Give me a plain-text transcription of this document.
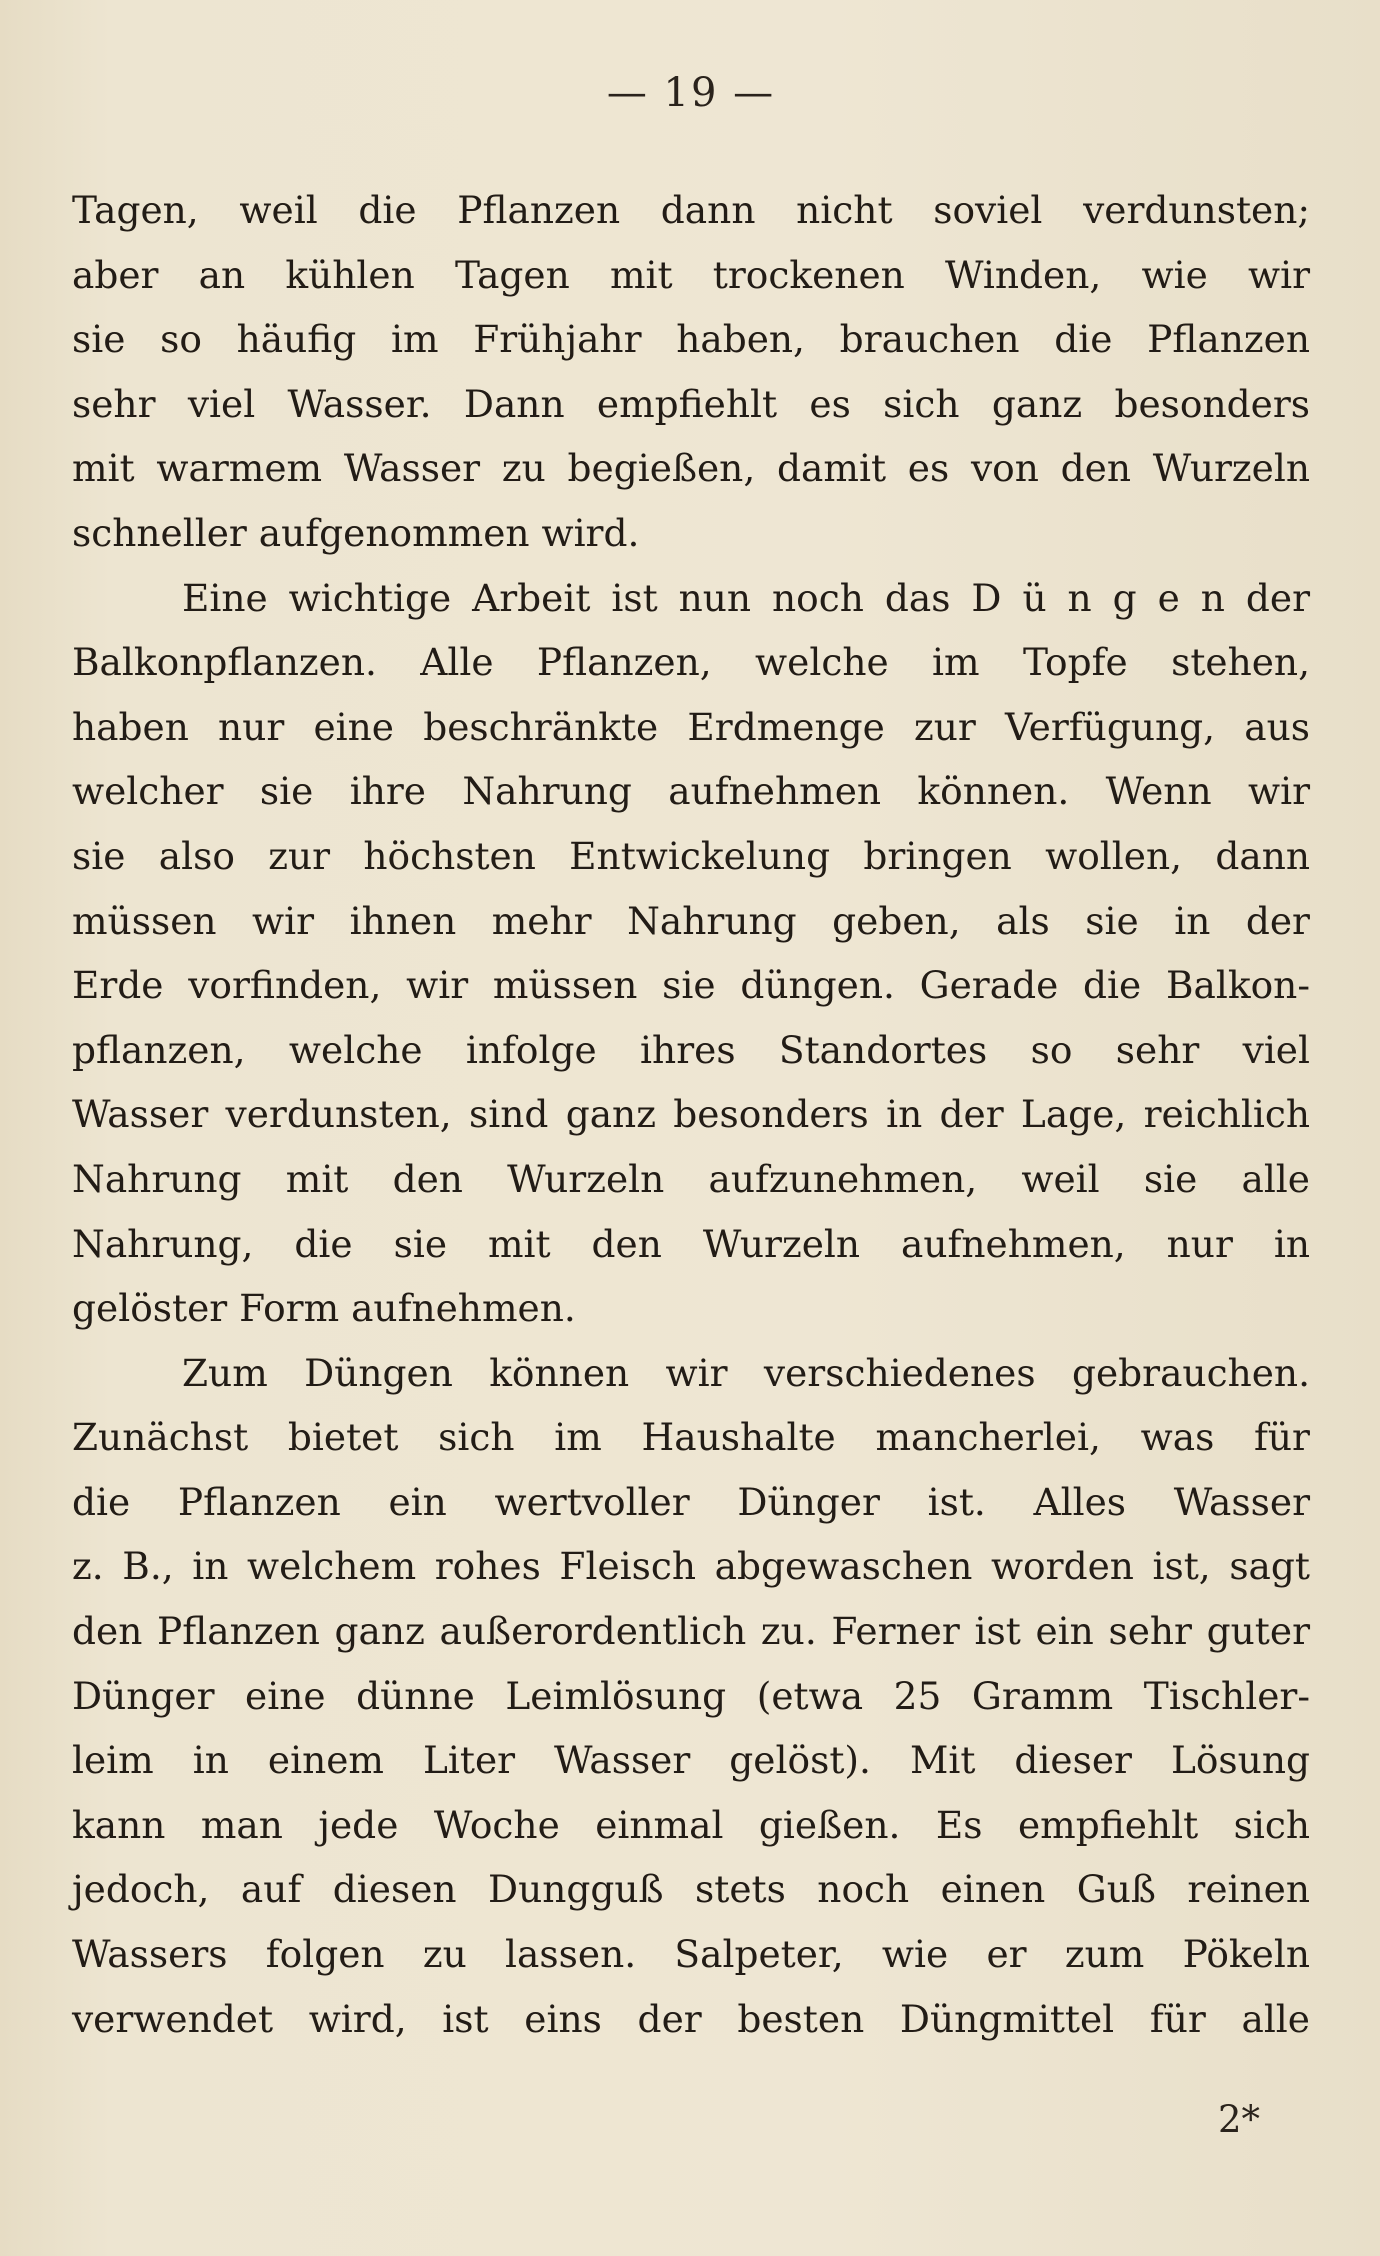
— 19 —

Tagen, weil die Pflanzen dann nicht soviel verdunsten;
aber an kühlen Tagen mit trockenen Winden, wie wir
sie so häufig im Frühjahr haben, brauchen die Pflanzen
sehr viel Wasser. Dann empfiehlt es sich ganz besonders
mit warmem Wasser zu begießen, damit es von den Wurzeln
schneller aufgenommen wird.

Eine wichtige Arbeit ist nun noch das D ü n g e n der
Balkonpflanzen. Alle Pflanzen, welche im Topfe stehen,
haben nur eine beschränkte Erdmenge zur Verfügung, aus
welcher sie ihre Nahrung aufnehmen können. Wenn wir
sie also zur höchsten Entwickelung bringen wollen, dann
müssen wir ihnen mehr Nahrung geben, als sie in der
Erde vorfinden, wir müssen sie düngen. Gerade die Balkon-
pflanzen, welche infolge ihres Standortes so sehr viel
Wasser verdunsten, sind ganz besonders in der Lage, reichlich
Nahrung mit den Wurzeln aufzunehmen, weil sie alle
Nahrung, die sie mit den Wurzeln aufnehmen, nur in
gelöster Form aufnehmen.

Zum Düngen können wir verschiedenes gebrauchen.
Zunächst bietet sich im Haushalte mancherlei, was für
die Pflanzen ein wertvoller Dünger ist. Alles Wasser
z. B., in welchem rohes Fleisch abgewaschen worden ist, sagt
den Pflanzen ganz außerordentlich zu. Ferner ist ein sehr guter
Dünger eine dünne Leimlösung (etwa 25 Gramm Tischler-
leim in einem Liter Wasser gelöst). Mit dieser Lösung
kann man jede Woche einmal gießen. Es empfiehlt sich
jedoch, auf diesen Dungguß stets noch einen Guß reinen
Wassers folgen zu lassen. Salpeter, wie er zum Pökeln
verwendet wird, ist eins der besten Düngmittel für alle

2*
